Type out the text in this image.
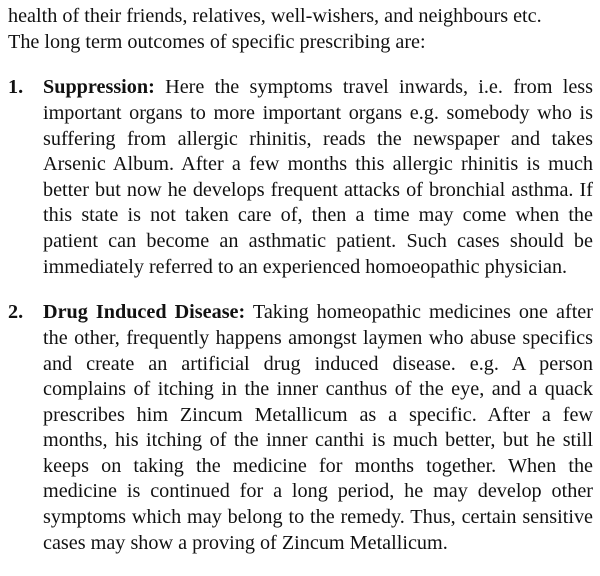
health of their friends, relatives, well-wishers, and neighbours etc.

The long term outcomes of specific prescribing are:

1. Suppression: Here the symptoms travel inwards, i.e. from less important organs to more important organs e.g. somebody who is suffering from allergic rhinitis, reads the newspaper and takes Arsenic Album. After a few months this allergic rhinitis is much better but now he develops frequent attacks of bronchial asthma. If this state is not taken care of, then a time may come when the patient can become an asthmatic patient. Such cases should be immediately referred to an experienced homoeopathic physician.

2. Drug Induced Disease: Taking homeopathic medicines one after the other, frequently happens amongst laymen who abuse specifics and create an artificial drug induced disease. e.g. A person complains of itching in the inner canthus of the eye, and a quack prescribes him Zincum Metallicum as a specific. After a few months, his itching of the inner canthi is much better, but he still keeps on taking the medicine for months together. When the medicine is continued for a long period, he may develop other symptoms which may belong to the remedy. Thus, certain sensitive cases may show a proving of Zincum Metallicum.
